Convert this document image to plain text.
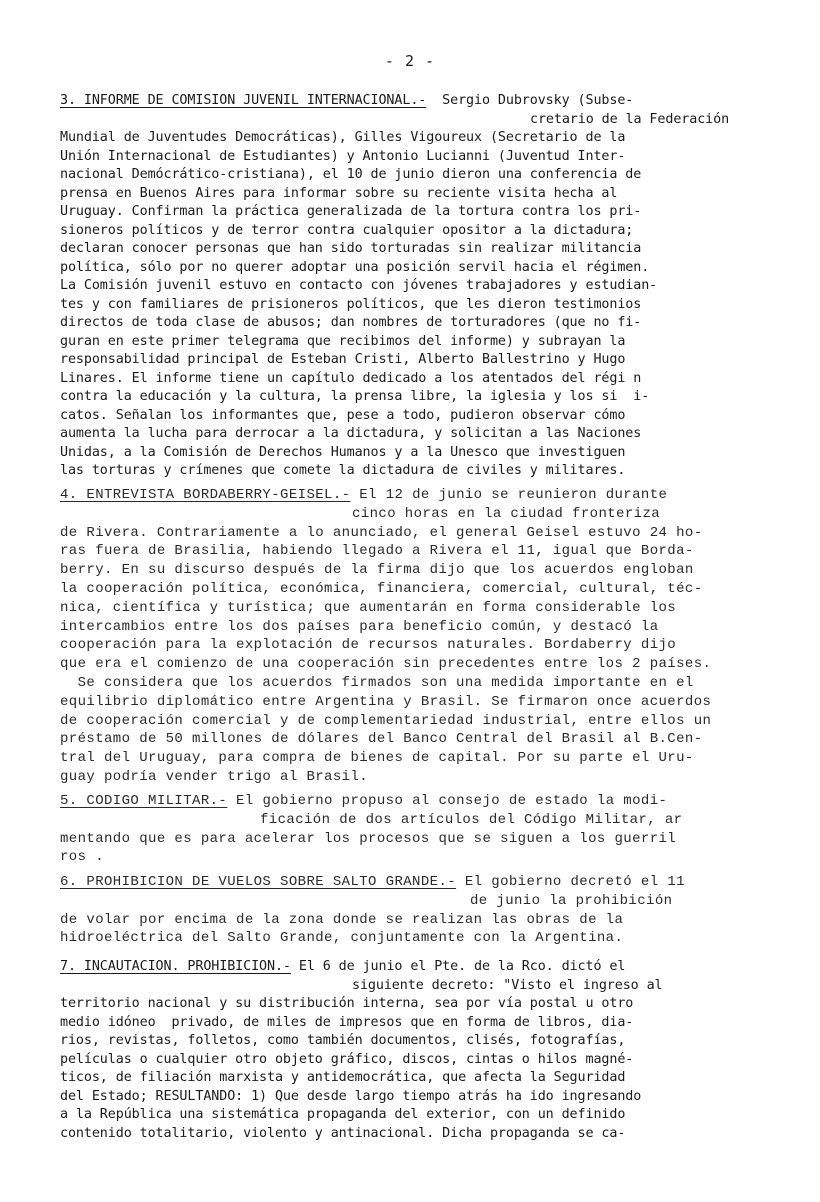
- 2 -
3. INFORME DE COMISION JUVENIL INTERNACIONAL.-  Sergio Dubrovsky (Subse-
cretario de la Federación
Mundial de Juventudes Democráticas), Gilles Vigoureux (Secretario de la
Unión Internacional de Estudiantes) y Antonio Lucianni (Juventud Inter-
nacional Demócrático-cristiana), el 10 de junio dieron una conferencia de
prensa en Buenos Aires para informar sobre su reciente visita hecha al
Uruguay. Confirman la práctica generalizada de la tortura contra los pri-
sioneros políticos y de terror contra cualquier opositor a la dictadura;
declaran conocer personas que han sido torturadas sin realizar militancia
política, sólo por no querer adoptar una posición servil hacia el régimen.
La Comisión juvenil estuvo en contacto con jóvenes trabajadores y estudian-
tes y con familiares de prisioneros políticos, que les dieron testimonios
directos de toda clase de abusos; dan nombres de torturadores (que no fi-
guran en este primer telegrama que recibimos del informe) y subrayan la
responsabilidad principal de Esteban Cristi, Alberto Ballestrino y Hugo
Linares. El informe tiene un capítulo dedicado a los atentados del régi n
contra la educación y la cultura, la prensa libre, la iglesia y los si  i-
catos. Señalan los informantes que, pese a todo, pudieron observar cómo
aumenta la lucha para derrocar a la dictadura, y solicitan a las Naciones
Unidas, a la Comisión de Derechos Humanos y a la Unesco que investiguen
las torturas y crímenes que comete la dictadura de civiles y militares.
4. ENTREVISTA BORDABERRY-GEISEL.- El 12 de junio se reunieron durante
cinco horas en la ciudad fronteriza
de Rivera. Contrariamente a lo anunciado, el general Geisel estuvo 24 ho-
ras fuera de Brasilia, habiendo llegado a Rivera el 11, igual que Borda-
berry. En su discurso después de la firma dijo que los acuerdos engloban
la cooperación política, económica, financiera, comercial, cultural, téc-
nica, científica y turística; que aumentarán en forma considerable los
intercambios entre los dos países para beneficio común, y destacó la
cooperación para la explotación de recursos naturales. Bordaberry dijo
que era el comienzo de una cooperación sin precedentes entre los 2 países.
Se considera que los acuerdos firmados son una medida importante en el
equilibrio diplomático entre Argentina y Brasil. Se firmaron once acuerdos
de cooperación comercial y de complementariedad industrial, entre ellos un
préstamo de 50 millones de dólares del Banco Central del Brasil al B.Cen-
tral del Uruguay, para compra de bienes de capital. Por su parte el Uru-
guay podría vender trigo al Brasil.
5. CODIGO MILITAR.- El gobierno propuso al consejo de estado la modi-
ficación de dos artículos del Código Militar, ar
mentando que es para acelerar los procesos que se siguen a los guerril
ros .
6. PROHIBICION DE VUELOS SOBRE SALTO GRANDE.- El gobierno decretó el 11
de junio la prohibición
de volar por encima de la zona donde se realizan las obras de la
hidroeléctrica del Salto Grande, conjuntamente con la Argentina.
7. INCAUTACION. PROHIBICION.- El 6 de junio el Pte. de la Rco. dictó el
siguiente decreto: "Visto el ingreso al
territorio nacional y su distribución interna, sea por vía postal u otro
medio idóneo  privado, de miles de impresos que en forma de libros, dia-
rios, revistas, folletos, como también documentos, clisés, fotografías,
películas o cualquier otro objeto gráfico, discos, cintas o hilos magné-
ticos, de filiación marxista y antidemocrática, que afecta la Seguridad
del Estado; RESULTANDO: 1) Que desde largo tiempo atrás ha ido ingresando
a la República una sistemática propaganda del exterior, con un definido
contenido totalitario, violento y antinacional. Dicha propaganda se ca-
